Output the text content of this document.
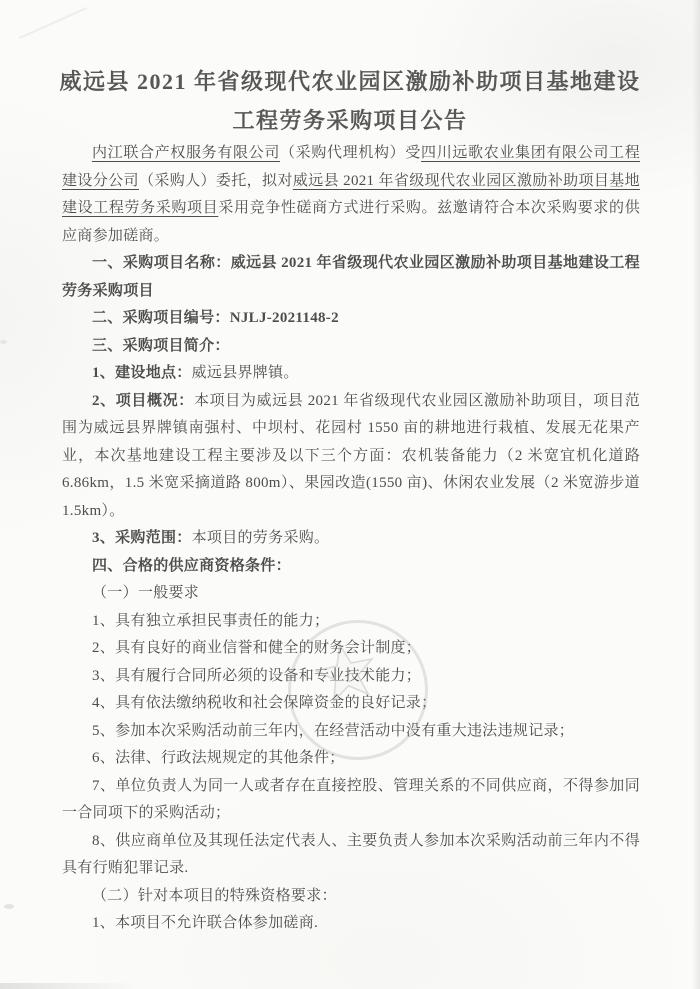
威远县 2021 年省级现代农业园区激励补助项目基地建设
工程劳务采购项目公告

内江联合产权服务有限公司（采购代理机构）受四川远歌农业集团有限公司工程建设分公司（采购人）委托，拟对威远县 2021 年省级现代农业园区激励补助项目基地建设工程劳务采购项目采用竞争性磋商方式进行采购。兹邀请符合本次采购要求的供应商参加磋商。

一、采购项目名称：威远县 2021 年省级现代农业园区激励补助项目基地建设工程劳务采购项目

二、采购项目编号：NJLJ-2021148-2

三、采购项目简介：

1、建设地点：威远县界牌镇。

2、项目概况：本项目为威远县 2021 年省级现代农业园区激励补助项目，项目范围为威远县界牌镇南强村、中坝村、花园村 1550 亩的耕地进行栽植、发展无花果产业，本次基地建设工程主要涉及以下三个方面：农机装备能力（2 米宽宜机化道路 6.86km，1.5 米宽采摘道路 800m）、果园改造(1550 亩)、休闲农业发展（2 米宽游步道 1.5km）。

3、采购范围：本项目的劳务采购。

四、合格的供应商资格条件：

（一）一般要求

1、具有独立承担民事责任的能力；

2、具有良好的商业信誉和健全的财务会计制度；

3、具有履行合同所必须的设备和专业技术能力；

4、具有依法缴纳税收和社会保障资金的良好记录；

5、参加本次采购活动前三年内，在经营活动中没有重大违法违规记录；

6、法律、行政法规规定的其他条件；

7、单位负责人为同一人或者存在直接控股、管理关系的不同供应商，不得参加同一合同项下的采购活动；

8、供应商单位及其现任法定代表人、主要负责人参加本次采购活动前三年内不得具有行贿犯罪记录.

（二）针对本项目的特殊资格要求：

1、本项目不允许联合体参加磋商.
